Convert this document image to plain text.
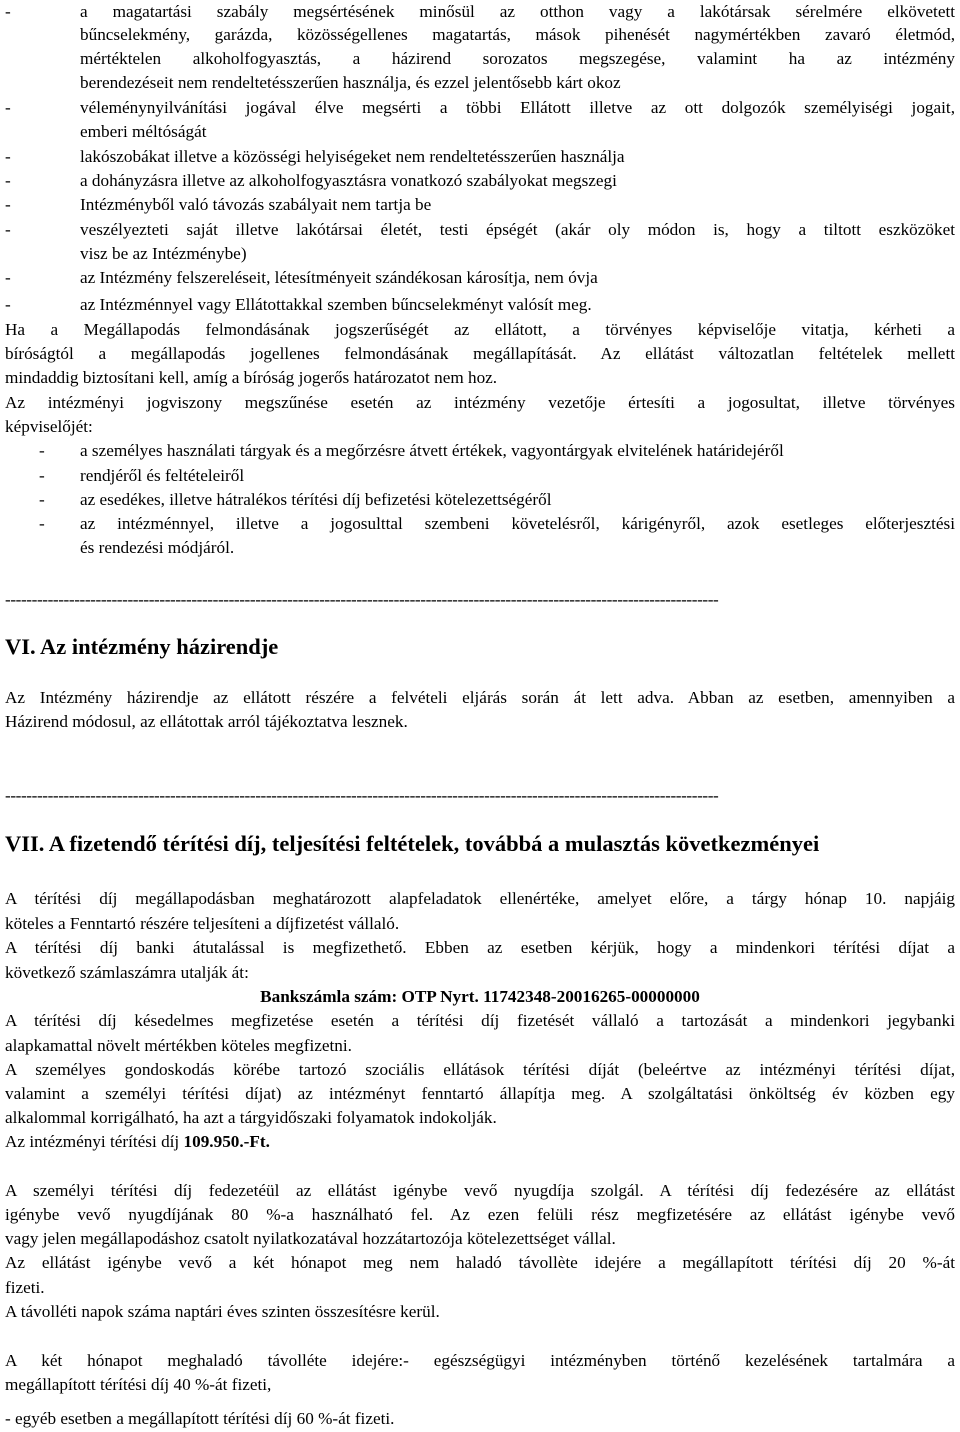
-	a magatartási szabály megsértésének minősül az otthon vagy a lakótársak sérelmére elkövetett
bűncselekmény, garázda, közösségellenes magatartás, mások pihenését nagymértékben zavaró életmód,
mértéktelen alkoholfogyasztás, a házirend sorozatos megszegése, valamint ha az intézmény
berendezéseit nem rendeltetésszerűen használja, és ezzel jelentősebb kárt okoz
-	véleménynyilvánítási jogával élve megsérti a többi Ellátott illetve az ott dolgozók személyiségi jogait,
emberi méltóságát
-	lakószobákat illetve a közösségi helyiségeket nem rendeltetésszerűen használja
-	a dohányzásra illetve az alkoholfogyasztásra vonatkozó szabályokat megszegi
-	Intézményből való távozás szabályait nem tartja be
-	veszélyezteti saját illetve lakótársai életét, testi épségét (akár oly módon is, hogy a tiltott eszközöket
visz be az Intézménybe)
-	az Intézmény felszereléseit, létesítményeit szándékosan károsítja, nem óvja
-	az Intézménnyel vagy Ellátottakkal szemben bűncselekményt valósít meg.
Ha a Megállapodás felmondásának jogszerűségét az ellátott, a törvényes képviselője vitatja, kérheti a
bíróságtól a megállapodás jogellenes felmondásának megállapítását. Az ellátást változatlan feltételek mellett
mindaddig biztosítani kell, amíg a bíróság jogerős határozatot nem hoz.
Az intézményi jogviszony megszűnése esetén az intézmény vezetője értesíti a jogosultat, illetve törvényes
képviselőjét:
-	a személyes használati tárgyak és a megőrzésre átvett értékek, vagyontárgyak elvitelének határidejéről
-	rendjéről és feltételeiről
-	az esedékes, illetve hátralékos térítési díj befizetési kötelezettségéről
-	az intézménnyel, illetve a jogosulttal szembeni követelésről, kárigényről, azok esetleges előterjesztési
és rendezési módjáról.
--------------------------------------------------------------------------------------------------------------------------------------
VI. Az intézmény házirendje
Az Intézmény házirendje az ellátott részére a felvételi eljárás során át lett adva. Abban az esetben, amennyiben a
Házirend módosul, az ellátottak arról tájékoztatva lesznek.
--------------------------------------------------------------------------------------------------------------------------------------
VII. A fizetendő térítési díj, teljesítési feltételek, továbbá a mulasztás következményei
A térítési díj megállapodásban meghatározott alapfeladatok ellenértéke, amelyet előre, a tárgy hónap 10. napjáig
köteles a Fenntartó részére teljesíteni a díjfizetést vállaló.
A térítési díj banki átutalással is megfizethető. Ebben az esetben kérjük, hogy a mindenkori térítési díjat a
következő számlaszámra utalják át:
Bankszámla szám: OTP Nyrt. 11742348-20016265-00000000
A térítési díj késedelmes megfizetése esetén a térítési díj fizetését vállaló a tartozását a mindenkori jegybanki
alapkamattal növelt mértékben köteles megfizetni.
A személyes gondoskodás körébe tartozó szociális ellátások térítési díját (beleértve az intézményi térítési díjat,
valamint a személyi térítési díjat) az intézményt fenntartó állapítja meg. A szolgáltatási önköltség év közben egy
alkalommal korrigálható, ha azt a tárgyidőszaki folyamatok indokolják.
Az intézményi térítési díj 109.950.-Ft.
A személyi térítési díj fedezetéül az ellátást igénybe vevő nyugdíja szolgál. A térítési díj fedezésére az ellátást
igénybe vevő nyugdíjának 80 %-a használható fel. Az ezen felüli rész megfizetésére az ellátást igénybe vevő
vagy jelen megállapodáshoz csatolt nyilatkozatával hozzátartozója kötelezettséget vállal.
Az ellátást igénybe vevő a két hónapot meg nem haladó távollète idejére a megállapított térítési díj 20 %-át
fizeti.
A távolléti napok száma naptári éves szinten összesítésre kerül.
A két hónapot meghaladó távolléte idejére:- egészségügyi intézményben történő kezelésének tartalmára a
megállapított térítési díj 40 %-át fizeti,
- egyéb esetben a megállapított térítési díj 60 %-át fizeti.
